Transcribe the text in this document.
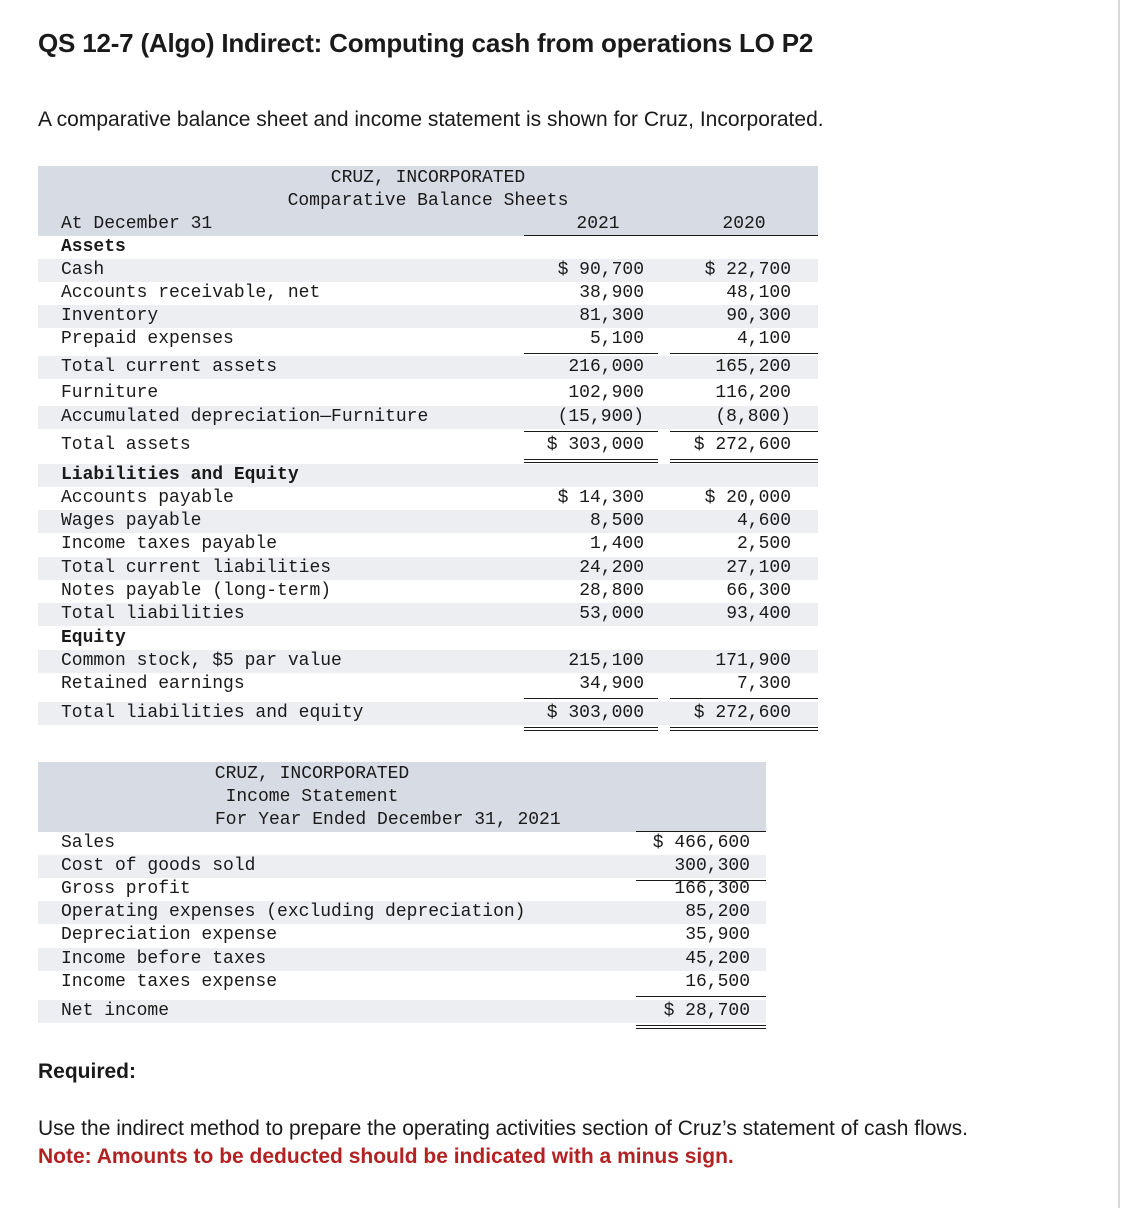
QS 12-7 (Algo) Indirect: Computing cash from operations LO P2

A comparative balance sheet and income statement is shown for Cruz, Incorporated.

CRUZ, INCORPORATED
Comparative Balance Sheets
At December 31	2021	2020
Assets
Cash	$ 90,700	$ 22,700
Accounts receivable, net	38,900	48,100
Inventory	81,300	90,300
Prepaid expenses	5,100	4,100
Total current assets	216,000	165,200
Furniture	102,900	116,200
Accumulated depreciation—Furniture	(15,900)	(8,800)
Total assets	$ 303,000	$ 272,600
Liabilities and Equity
Accounts payable	$ 14,300	$ 20,000
Wages payable	8,500	4,600
Income taxes payable	1,400	2,500
Total current liabilities	24,200	27,100
Notes payable (long-term)	28,800	66,300
Total liabilities	53,000	93,400
Equity
Common stock, $5 par value	215,100	171,900
Retained earnings	34,900	7,300
Total liabilities and equity	$ 303,000	$ 272,600
CRUZ, INCORPORATED
Income Statement
For Year Ended December 31, 2021
Sales	$ 466,600
Cost of goods sold	300,300
Gross profit	166,300
Operating expenses (excluding depreciation)	85,200
Depreciation expense	35,900
Income before taxes	45,200
Income taxes expense	16,500
Net income	$ 28,700

Required:

Use the indirect method to prepare the operating activities section of Cruz’s statement of cash flows.

Note: Amounts to be deducted should be indicated with a minus sign.
